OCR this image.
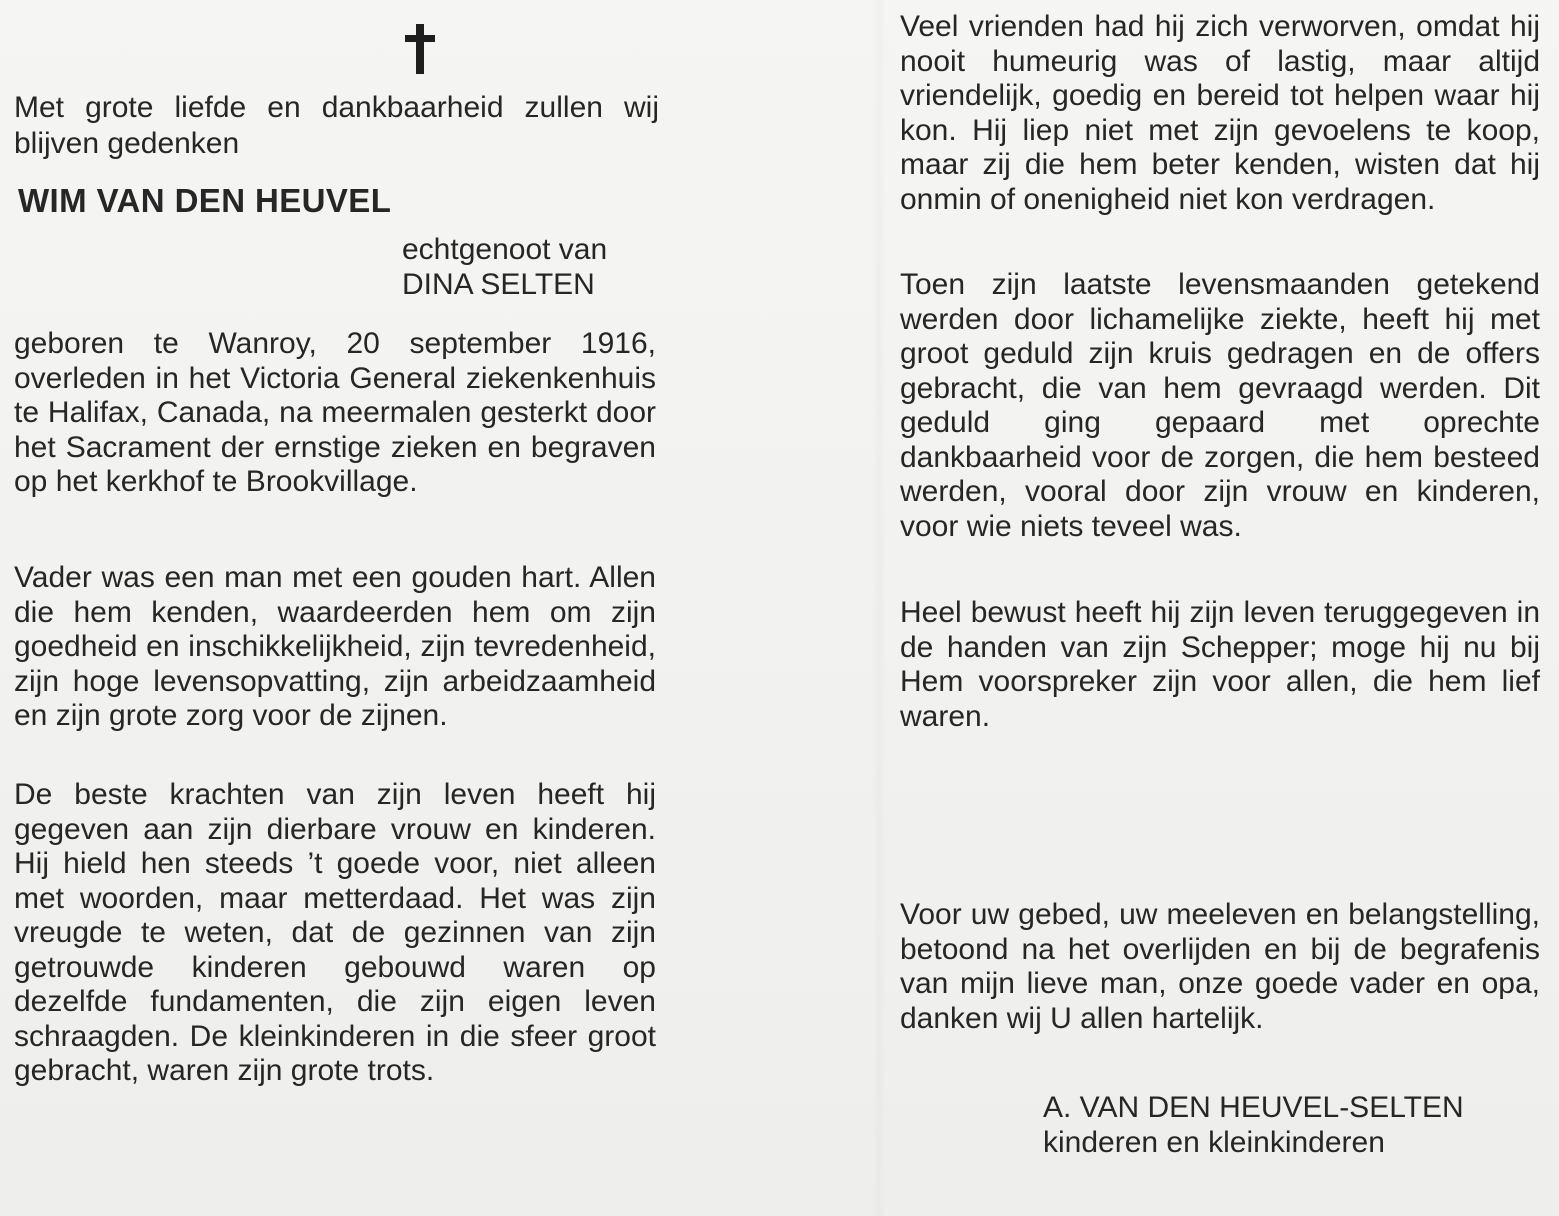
Met grote liefde en dankbaarheid zullen wij blijven gedenken
WIM VAN DEN HEUVEL
echtgenoot van
DINA SELTEN

geboren te Wanroy, 20 september 1916, overleden in het Victoria General ziekenkenhuis te Halifax, Canada, na meermalen gesterkt door het Sacrament der ernstige zieken en begraven op het kerkhof te Brookvillage.

Vader was een man met een gouden hart. Allen die hem kenden, waardeerden hem om zijn goedheid en inschikkelijkheid, zijn tevredenheid, zijn hoge levensopvatting, zijn arbeidzaamheid en zijn grote zorg voor de zijnen.

De beste krachten van zijn leven heeft hij gegeven aan zijn dierbare vrouw en kinderen. Hij hield hen steeds ’t goede voor, niet alleen met woorden, maar metterdaad. Het was zijn vreugde te weten, dat de gezinnen van zijn getrouwde kinderen gebouwd waren op dezelfde fundamenten, die zijn eigen leven schraagden. De kleinkinderen in die sfeer groot gebracht, waren zijn grote trots.

Veel vrienden had hij zich verworven, omdat hij nooit humeurig was of lastig, maar altijd vriendelijk, goedig en bereid tot helpen waar hij kon. Hij liep niet met zijn gevoelens te koop, maar zij die hem beter kenden, wisten dat hij onmin of onenigheid niet kon verdragen.

Toen zijn laatste levensmaanden getekend werden door lichamelijke ziekte, heeft hij met groot geduld zijn kruis gedragen en de offers gebracht, die van hem gevraagd werden. Dit geduld ging gepaard met oprechte dankbaarheid voor de zorgen, die hem besteed werden, vooral door zijn vrouw en kinderen, voor wie niets teveel was.

Heel bewust heeft hij zijn leven teruggegeven in de handen van zijn Schepper; moge hij nu bij Hem voorspreker zijn voor allen, die hem lief waren.

Voor uw gebed, uw meeleven en belangstelling, betoond na het overlijden en bij de begrafenis van mijn lieve man, onze goede vader en opa, danken wij U allen hartelijk.

A. VAN DEN HEUVEL-SELTEN
kinderen en kleinkinderen
